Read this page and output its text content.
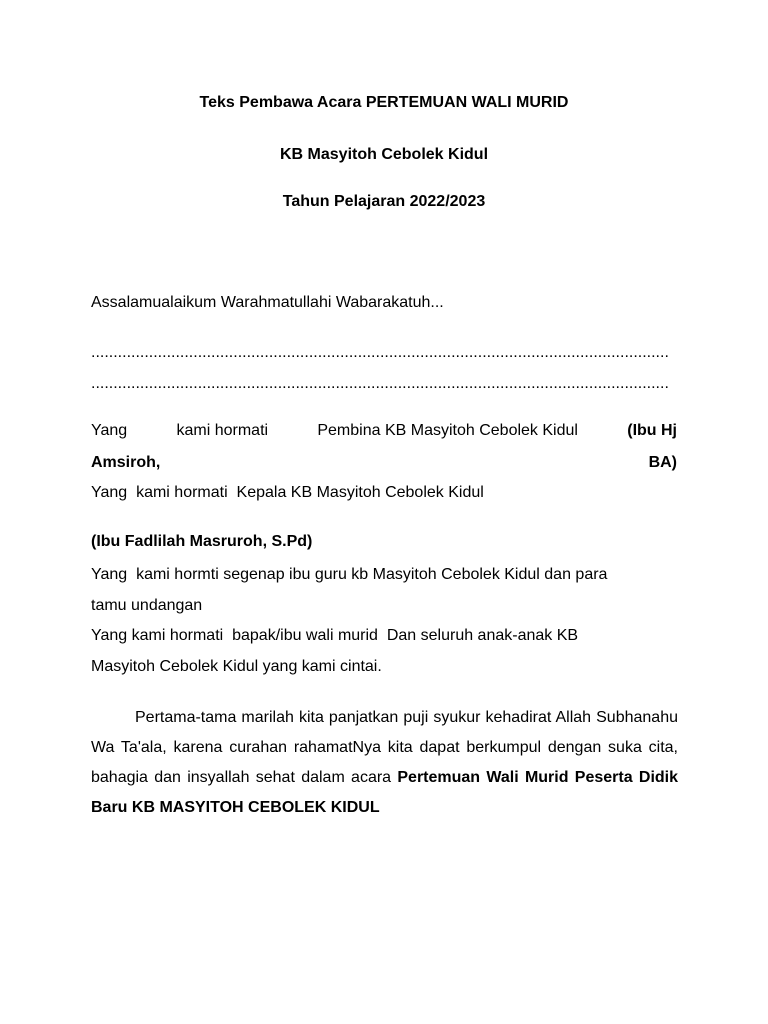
Teks Pembawa Acara PERTEMUAN WALI MURID
KB Masyitoh Cebolek Kidul
Tahun Pelajaran 2022/2023
Assalamualaikum Warahmatullahi Wabarakatuh...
..................................................................................................................................
..................................................................................................................................
Yang	kami hormati	Pembina KB Masyitoh Cebolek Kidul	(Ibu Hj
Amsiroh,	BA)
Yang  kami hormati  Kepala KB Masyitoh Cebolek Kidul
(Ibu Fadlilah Masruroh, S.Pd)
Yang  kami hormti segenap ibu guru kb Masyitoh Cebolek Kidul dan para
tamu undangan
Yang kami hormati  bapak/ibu wali murid  Dan seluruh anak-anak KB
Masyitoh Cebolek Kidul yang kami cintai.
Pertama-tama marilah kita panjatkan puji syukur kehadirat Allah Subhanahu Wa Ta'ala, karena curahan rahamatNya kita dapat berkumpul dengan suka cita, bahagia dan insyallah sehat dalam acara Pertemuan Wali Murid Peserta Didik Baru KB MASYITOH CEBOLEK KIDUL
